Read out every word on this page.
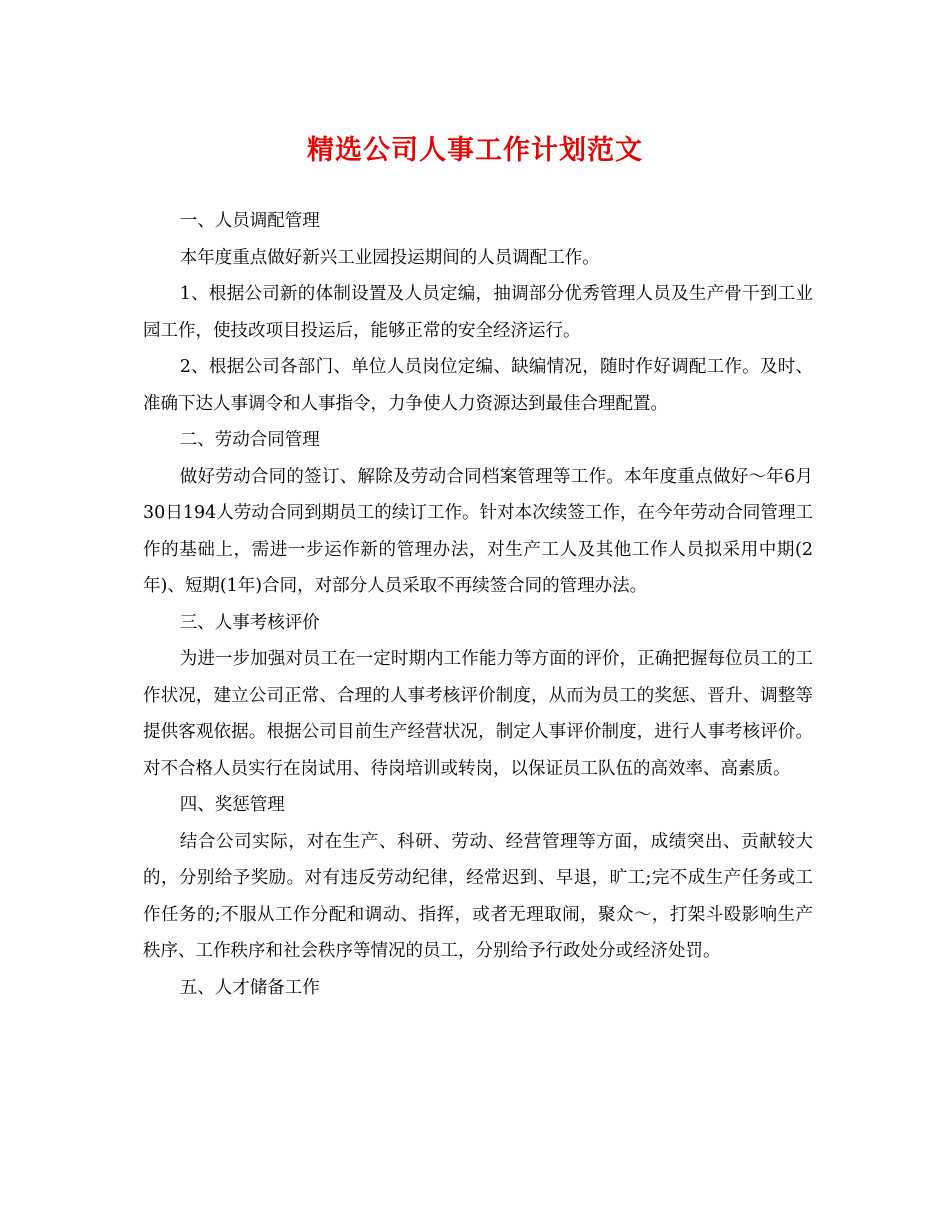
精选公司人事工作计划范文

一、人员调配管理

本年度重点做好新兴工业园投运期间的人员调配工作。

1、根据公司新的体制设置及人员定编，抽调部分优秀管理人员及生产骨干到工业园工作，使技改项目投运后，能够正常的安全经济运行。

2、根据公司各部门、单位人员岗位定编、缺编情况，随时作好调配工作。及时、准确下达人事调令和人事指令，力争使人力资源达到最佳合理配置。

二、劳动合同管理

做好劳动合同的签订、解除及劳动合同档案管理等工作。本年度重点做好～年6月30日194人劳动合同到期员工的续订工作。针对本次续签工作，在今年劳动合同管理工作的基础上，需进一步运作新的管理办法，对生产工人及其他工作人员拟采用中期(2年)、短期(1年)合同，对部分人员采取不再续签合同的管理办法。

三、人事考核评价

为进一步加强对员工在一定时期内工作能力等方面的评价，正确把握每位员工的工作状况，建立公司正常、合理的人事考核评价制度，从而为员工的奖惩、晋升、调整等提供客观依据。根据公司目前生产经营状况，制定人事评价制度，进行人事考核评价。对不合格人员实行在岗试用、待岗培训或转岗，以保证员工队伍的高效率、高素质。

四、奖惩管理

结合公司实际，对在生产、科研、劳动、经营管理等方面，成绩突出、贡献较大的，分别给予奖励。对有违反劳动纪律，经常迟到、早退，旷工;完不成生产任务或工作任务的;不服从工作分配和调动、指挥，或者无理取闹，聚众～，打架斗殴影响生产秩序、工作秩序和社会秩序等情况的员工，分别给予行政处分或经济处罚。

五、人才储备工作
